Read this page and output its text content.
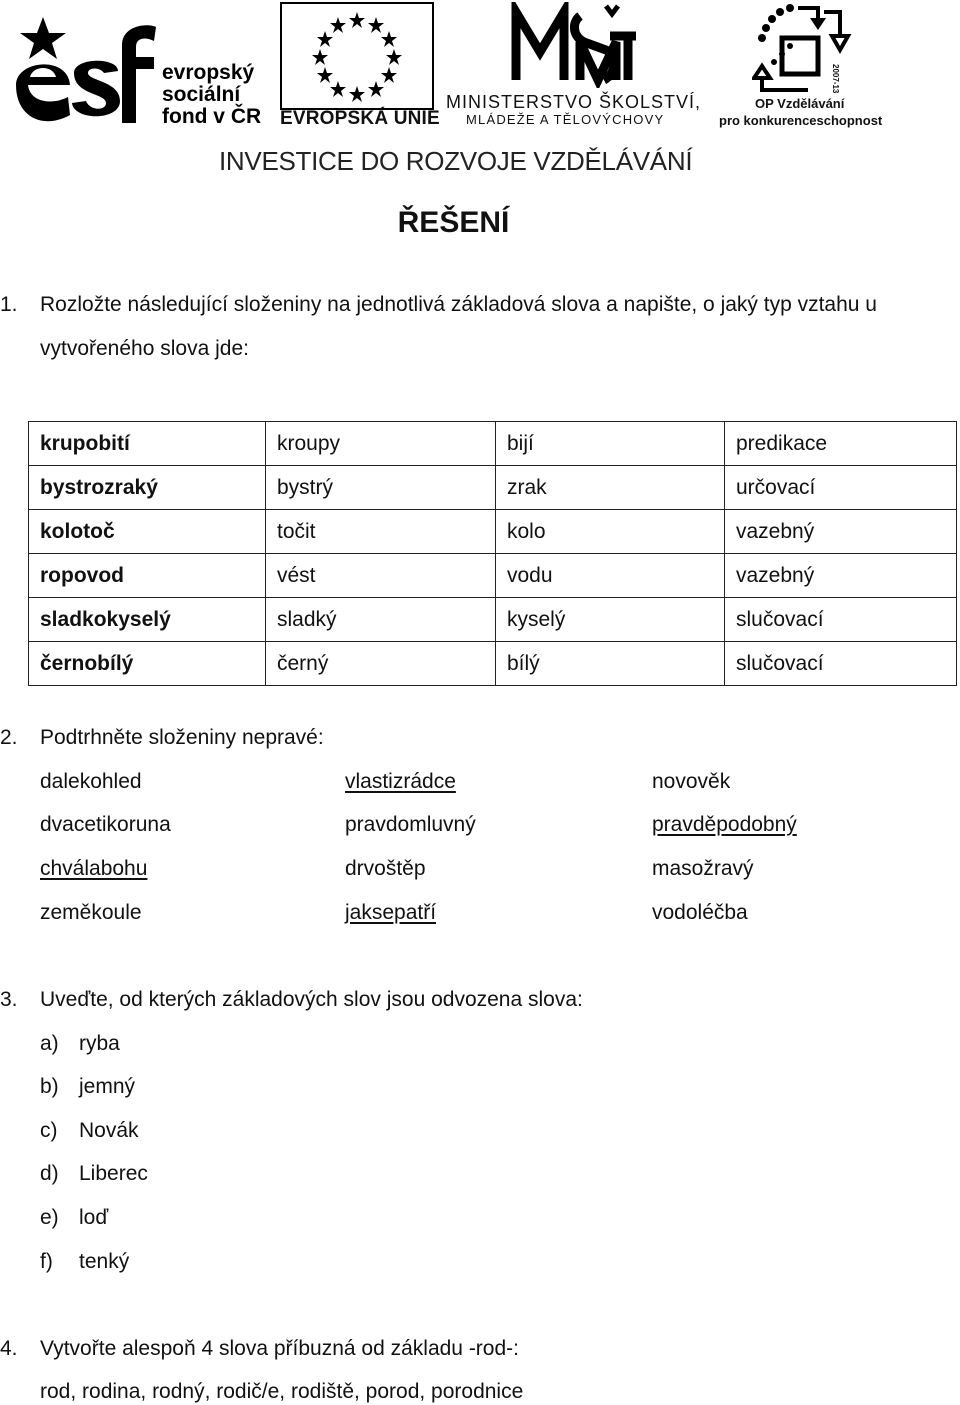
evropský
sociální
fond v ČR EVROPSKÁ UNIE
MINISTERSTVO ŠKOLSTVÍ,
MLÁDEŽE A TĚLOVÝCHOVY
2007-13
OP Vzdělávání
pro konkurenceschopnost
INVESTICE DO ROZVOJE VZDĚLÁVÁNÍ
ŘEŠENÍ
1. Rozložte následující složeniny na jednotlivá základová slova a napište, o jaký typ vztahu u
vytvořeného slova jde:
krupobití	kroupy	bijí	predikace
bystrozraký	bystrý	zrak	určovací
kolotoč	točit	kolo	vazebný
ropovod	vést	vodu	vazebný
sladkokyselý	sladký	kyselý	slučovací
černobílý	černý	bílý	slučovací
2. Podtrhněte složeniny nepravé:
dalekohled	vlastizrádce	novověk
dvacetikoruna	pravdomluvný	pravděpodobný
chválabohu	drvoštěp	masožravý
zeměkoule	jaksepatří	vodoléčba
3. Uveďte, od kterých základových slov jsou odvozena slova:
a) ryba
b) jemný
c) Novák
d) Liberec
e) loď
f) tenký
4. Vytvořte alespoň 4 slova příbuzná od základu -rod-:
rod, rodina, rodný, rodič/e, rodiště, porod, porodnice
